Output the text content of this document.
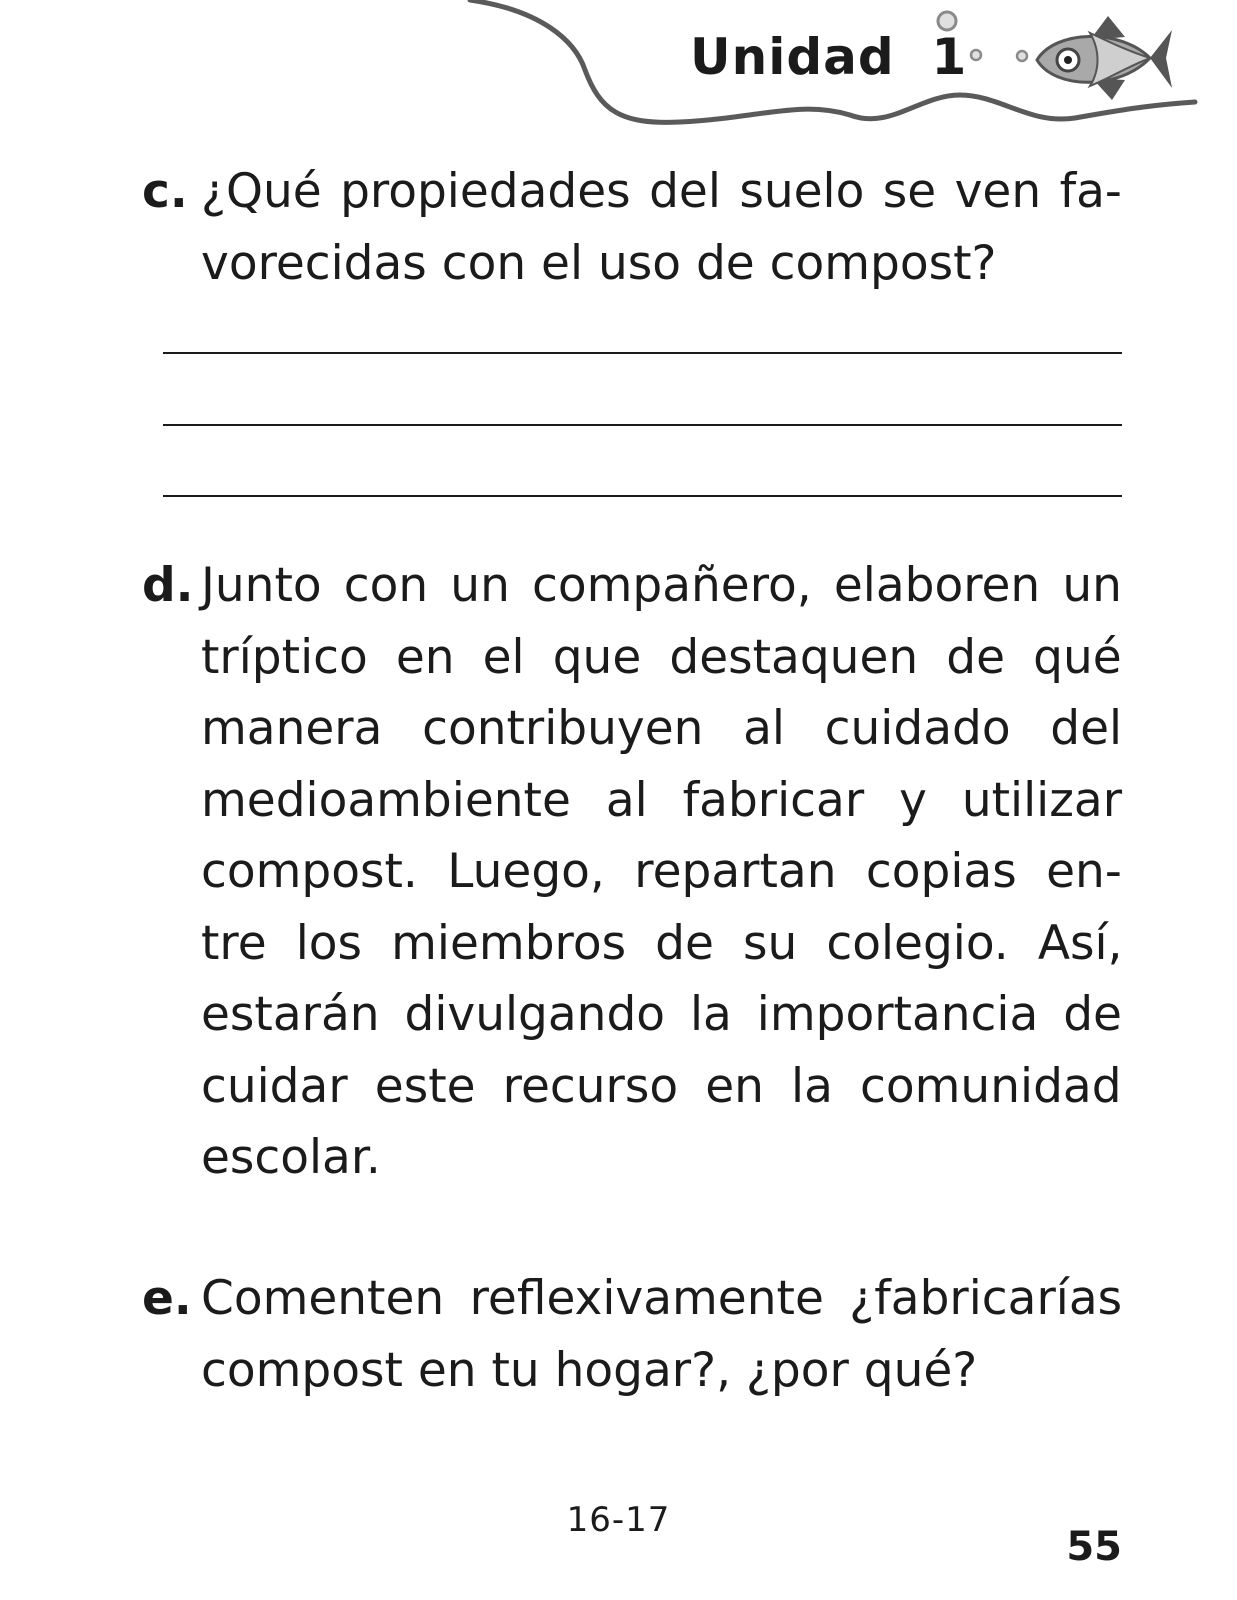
Unidad  1
c. ¿Qué propiedades del suelo se ven fa-
vorecidas con el uso de compost?
d. Junto con un compañero, elaboren un
tríptico en el que destaquen de qué
manera contribuyen al cuidado del
medioambiente al fabricar y utilizar
compost. Luego, repartan copias en-
tre los miembros de su colegio. Así,
estarán divulgando la importancia de
cuidar este recurso en la comunidad
escolar.
e. Comenten reflexivamente ¿fabricarías
compost en tu hogar?, ¿por qué?
16-17
55
